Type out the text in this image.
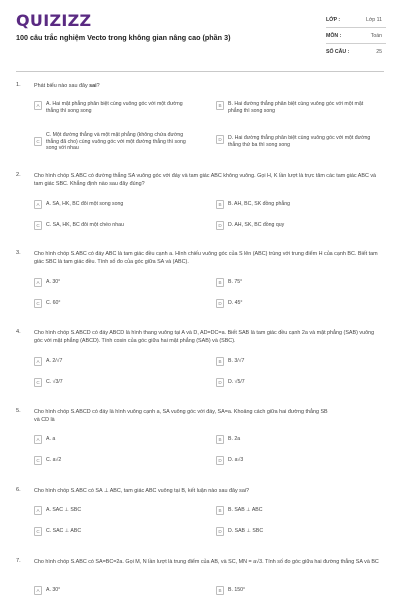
QUIZIZZ
100 câu trắc nghiệm Vecto trong không gian nâng cao (phần 3)
LỚP :	Lớp 11
MÔN :	Toán
SỐ CÂU :	25
1. Phát biểu nào sau đây sai?
A	A. Hai mặt phẳng phân biệt cùng vuông góc với một đường thẳng thì song song
B	B. Hai đường thẳng phân biệt cùng vuông góc với một mặt phẳng thì song song
C
C. Một đường thẳng và một mặt phẳng (không chứa đường thẳng đã cho) cùng vuông góc với một đường thẳng thì song song với nhau
D	D. Hai đường thẳng phân biệt cùng vuông góc với một đường thẳng thứ ba thì song song
2. Cho hình chóp S.ABC có đường thẳng SA vuông góc với đáy và tam giác ABC không vuông. Gọi H, K lần lượt là trực tâm các tam giác ABC và tam giác SBC. Khẳng định nào sau đây đúng?
A	A. SA, HK, BC đôi một song song	B	B. AH, BC, SK đồng phẳng
C	C. SA, HK, BC đôi một chéo nhau	D	D. AH, SK, BC đồng quy
3. Cho hình chóp S.ABC có đáy ABC là tam giác đều cạnh a. Hình chiếu vuông góc của S lên (ABC) trùng với trung điểm H của cạnh BC. Biết tam giác SBC là tam giác đều. Tính số đo của góc giữa SA và (ABC).
A	A. 30°	B	B. 75°
C	C. 60°	D	D. 45°
4. Cho hình chóp S.ABCD có đáy ABCD là hình thang vuông tại A và D, AD=DC=a. Biết SAB là tam giác đều cạnh 2a và mặt phẳng (SAB) vuông góc với mặt phẳng (ABCD). Tính cosin của góc giữa hai mặt phẳng (SAB) và (SBC).
A	A. 2/√7	B	B. 3/√7
C	C. √3/7	D	D. √5/7
5. Cho hình chóp S.ABCD có đáy là hình vuông cạnh a, SA vuông góc với đáy, SA=a. Khoảng cách giữa hai đường thẳng SB và CD là
A	A. a	B	B. 2a
C	C. a√2	D	D. a√3
6. Cho hình chóp S.ABC có SA ⊥ ABC, tam giác ABC vuông tại B, kết luận nào sau đây sai?
A	A. SAC ⊥ SBC	B	B. SAB ⊥ ABC
C	C. SAC ⊥ ABC	D	D. SAB ⊥ SBC
7. Cho hình chóp S.ABC có SA=BC=2a. Gọi M, N lần lượt là trung điểm của AB, và SC, MN = a√3. Tính số đo góc giữa hai đường thẳng SA và BC
A	A. 30°	B	B. 150°
